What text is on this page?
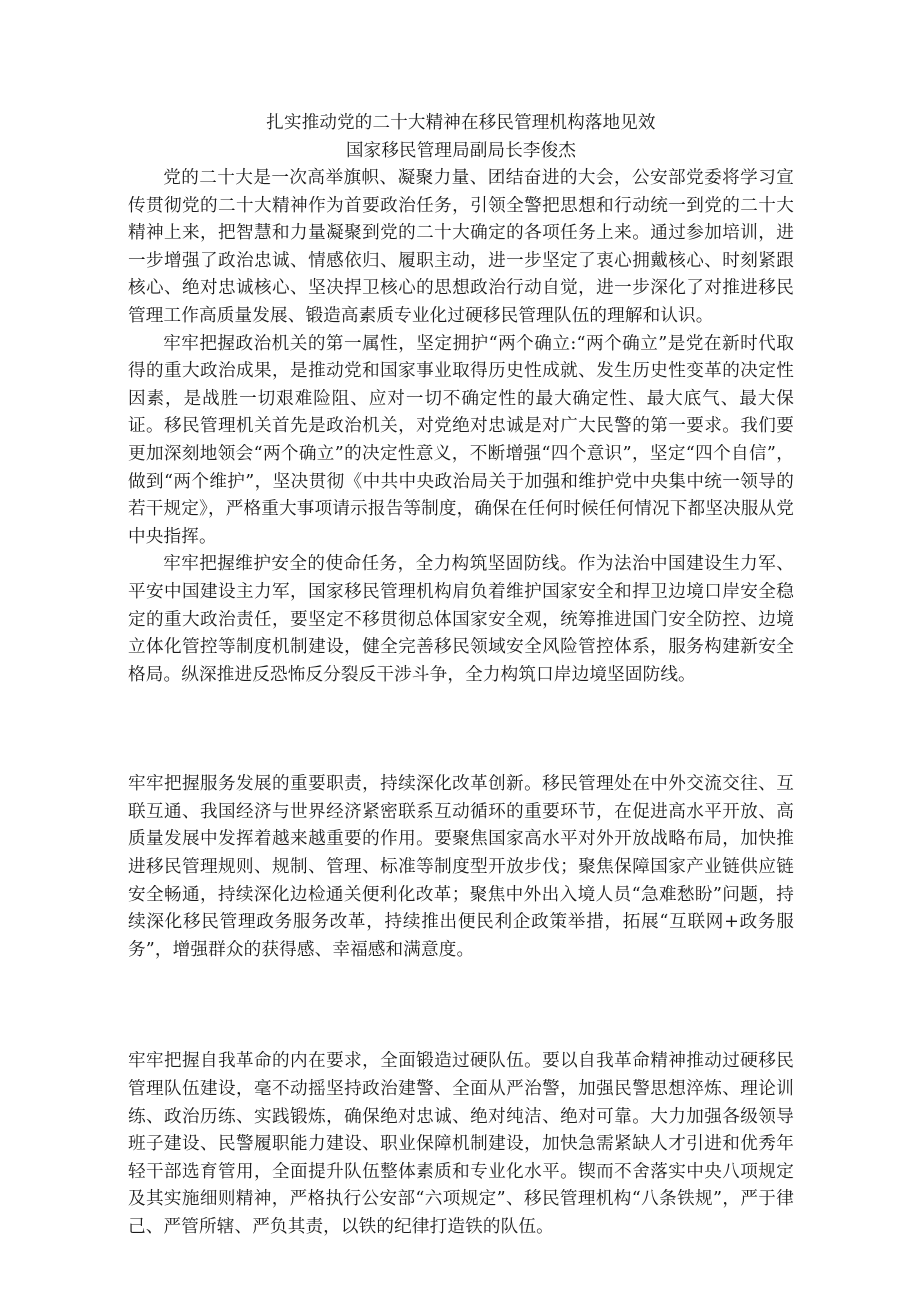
扎实推动党的二十大精神在移民管理机构落地见效
国家移民管理局副局长李俊杰

党的二十大是一次高举旗帜、凝聚力量、团结奋进的大会，公安部党委将学习宣传贯彻党的二十大精神作为首要政治任务，引领全警把思想和行动统一到党的二十大精神上来，把智慧和力量凝聚到党的二十大确定的各项任务上来。通过参加培训，进一步增强了政治忠诚、情感依归、履职主动，进一步坚定了衷心拥戴核心、时刻紧跟核心、绝对忠诚核心、坚决捍卫核心的思想政治行动自觉，进一步深化了对推进移民管理工作高质量发展、锻造高素质专业化过硬移民管理队伍的理解和认识。

牢牢把握政治机关的第一属性，坚定拥护“两个确立:“两个确立”是党在新时代取得的重大政治成果，是推动党和国家事业取得历史性成就、发生历史性变革的决定性因素，是战胜一切艰难险阻、应对一切不确定性的最大确定性、最大底气、最大保证。移民管理机关首先是政治机关，对党绝对忠诚是对广大民警的第一要求。我们要更加深刻地领会“两个确立”的决定性意义，不断增强“四个意识”，坚定“四个自信”，做到“两个维护”，坚决贯彻《中共中央政治局关于加强和维护党中央集中统一领导的若干规定》，严格重大事项请示报告等制度，确保在任何时候任何情况下都坚决服从党中央指挥。

牢牢把握维护安全的使命任务，全力构筑坚固防线。作为法治中国建设生力军、平安中国建设主力军，国家移民管理机构肩负着维护国家安全和捍卫边境口岸安全稳定的重大政治责任，要坚定不移贯彻总体国家安全观，统筹推进国门安全防控、边境立体化管控等制度机制建设，健全完善移民领域安全风险管控体系，服务构建新安全格局。纵深推进反恐怖反分裂反干涉斗争，全力构筑口岸边境坚固防线。

牢牢把握服务发展的重要职责，持续深化改革创新。移民管理处在中外交流交往、互联互通、我国经济与世界经济紧密联系互动循环的重要环节，在促进高水平开放、高质量发展中发挥着越来越重要的作用。要聚焦国家高水平对外开放战略布局，加快推进移民管理规则、规制、管理、标准等制度型开放步伐；聚焦保障国家产业链供应链安全畅通，持续深化边检通关便利化改革；聚焦中外出入境人员“急难愁盼”问题，持续深化移民管理政务服务改革，持续推出便民利企政策举措，拓展“互联网+政务服务”，增强群众的获得感、幸福感和满意度。

牢牢把握自我革命的内在要求，全面锻造过硬队伍。要以自我革命精神推动过硬移民管理队伍建设，毫不动摇坚持政治建警、全面从严治警，加强民警思想淬炼、理论训练、政治历练、实践锻炼，确保绝对忠诚、绝对纯洁、绝对可靠。大力加强各级领导班子建设、民警履职能力建设、职业保障机制建设，加快急需紧缺人才引进和优秀年轻干部选育管用，全面提升队伍整体素质和专业化水平。锲而不舍落实中央八项规定及其实施细则精神，严格执行公安部“六项规定”、移民管理机构“八条铁规”，严于律己、严管所辖、严负其责，以铁的纪律打造铁的队伍。
